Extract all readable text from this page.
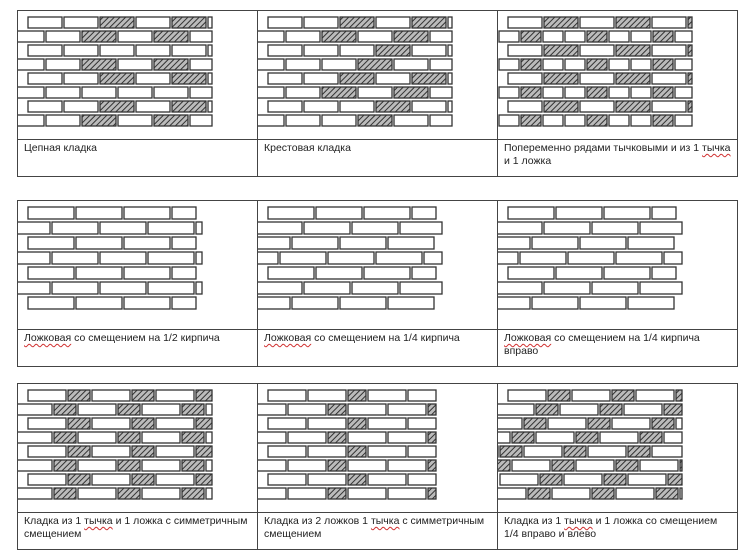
Цепная кладка	Крестовая кладка	Попеременно рядами тычковыми и из 1 тычка и 1 ложка

Ложковая со смещением на 1/2 кирпича	Ложковая со смещением на 1/4 кирпича	Ложковая со смещением на 1/4 кирпича вправо

Кладка из 1 тычка и 1 ложка с симметричным смещением	Кладка из 2 ложков 1 тычка с симметричным смещением	Кладка из 1 тычка и 1 ложка со смещением 1/4 вправо и влево
